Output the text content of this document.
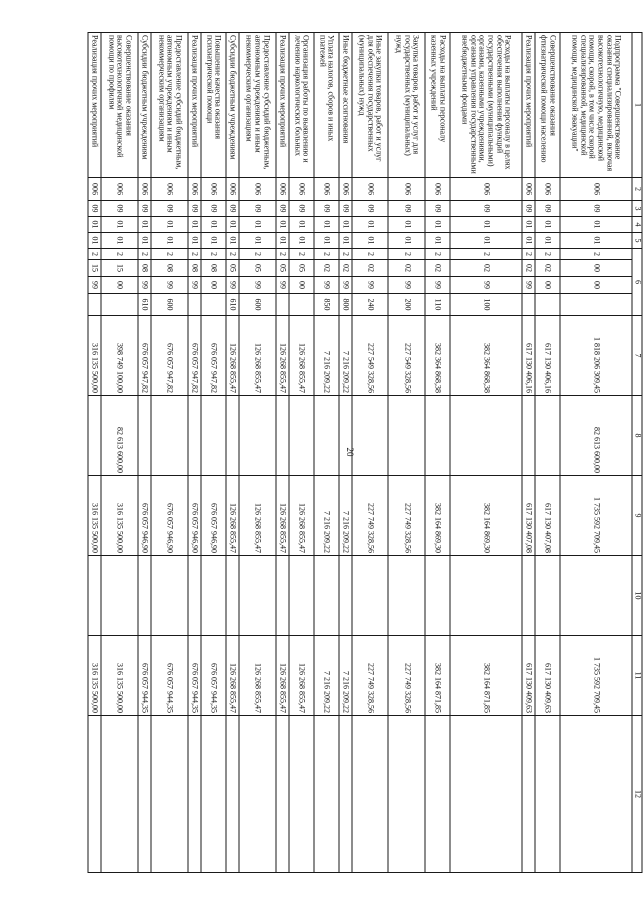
20
1	2	3	4	5	6				7	8	9	10	11	12	
Подпрограмма "Совершенствование оказания специализированной, включая высокотехнологичную, медицинской помощи, скорой, в том числе скорой специализированной, медицинской помощи, медицинской эвакуации"	006	09	01	01	2	00	00		1 818 206 309,45	82 613 600,00	1 735 592 709,45		1 735 592 709,45		
Совершенствование оказания фтизиатрической помощи населению	006	09	01	01	2	02	00		617 130 406,16		617 130 407,08		617 130 409,63		
Реализация прочих мероприятий	006	09	01	01	2	02	99		617 130 406,16		617 130 407,08		617 130 409,63		
Расходы на выплаты персоналу в целях обеспечения выполнения функций государственными (муниципальными) органами, казенными учреждениями, органами управления государственными внебюджетными фондами	006	09	01	01	2	02	99	100	382 364 868,38		382 164 869,30		382 164 871,85		
Расходы на выплаты персоналу казенных учреждений	006	09	01	01	2	02	99	110	382 364 868,38		382 164 869,30		382 164 871,85		
Закупка товаров, работ и услуг для государственных (муниципальных) нужд	006	09	01	01	2	02	99	200	227 549 328,56		227 749 328,56		227 749 328,56		
Иные закупки товаров, работ и услуг для обеспечения государственных (муниципальных) нужд	006	09	01	01	2	02	99	240	227 549 328,56		227 749 328,56		227 749 328,56		
Иные бюджетные ассигнования	006	09	01	01	2	02	99	800	7 216 209,22		7 216 209,22		7 216 209,22		
Уплата налогов, сборов и иных платежей	006	09	01	01	2	02	99	850	7 216 209,22		7 216 209,22		7 216 209,22		
Организация работы по выявлению и лечению наркологических больных	006	09	01	01	2	05	00		126 268 855,47		126 268 855,47		126 268 855,47		
Реализация прочих мероприятий	006	09	01	01	2	05	99		126 268 855,47		126 268 855,47		126 268 855,47		
Предоставление субсидий бюджетным, автономным учреждениям и иным некоммерческим организациям	006	09	01	01	2	05	99	600	126 268 855,47		126 268 855,47		126 268 855,47		
Субсидии бюджетным учреждениям	006	09	01	01	2	05	99	610	126 268 855,47		126 268 855,47		126 268 855,47		
Повышение качества оказания психиатрической помощи	006	09	01	01	2	08	00		676 057 947,82		676 057 946,90		676 057 944,35		
Реализация прочих мероприятий	006	09	01	01	2	08	99		676 057 947,82		676 057 946,90		676 057 944,35		
Предоставление субсидий бюджетным, автономным учреждениям и иным некоммерческим организациям	006	09	01	01	2	08	99	600	676 057 947,82		676 057 946,90		676 057 944,35		
Субсидии бюджетным учреждениям	006	09	01	01	2	08	99	610	676 057 947,82		676 057 946,90		676 057 944,35		
Совершенствование оказания высокотехнологичной медицинской помощи по профилям	006	09	01	01	2	15	00		398 749 100,00	82 613 600,00	316 135 500,00		316 135 500,00		
Реализация прочих мероприятий	006	09	01	01	2	15	99		316 135 500,00		316 135 500,00		316 135 500,00		
